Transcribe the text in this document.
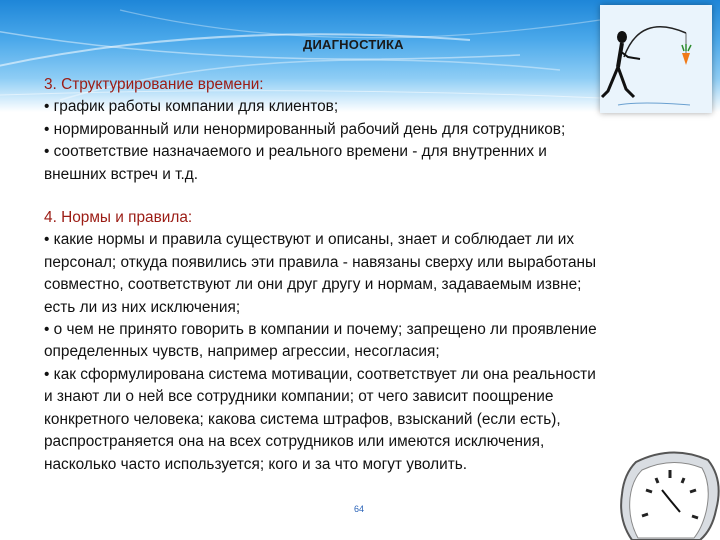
ДИАГНОСТИКА
3. Структурирование времени:
• график работы компании для клиентов;
• нормированный или ненормированный рабочий день для сотрудников;
• соответствие назначаемого и реального времени - для внутренних и
внешних встреч и т.д.
4. Нормы и правила:
• какие нормы и правила существуют и описаны, знает и соблюдает ли их
персонал; откуда появились эти правила - навязаны сверху или выработаны
совместно, соответствуют ли они друг другу и нормам, задаваемым извне;
есть ли из них исключения;
• о чем не принято говорить в компании и почему; запрещено ли проявление
определенных чувств, например агрессии, несогласия;
• как сформулирована система мотивации, соответствует ли она реальности
и знают ли о ней все сотрудники компании; от чего зависит поощрение
конкретного человека; какова система штрафов, взысканий (если есть),
распространяется она на всех сотрудников или имеются исключения,
насколько часто используется; кого и за что могут уволить.
64
